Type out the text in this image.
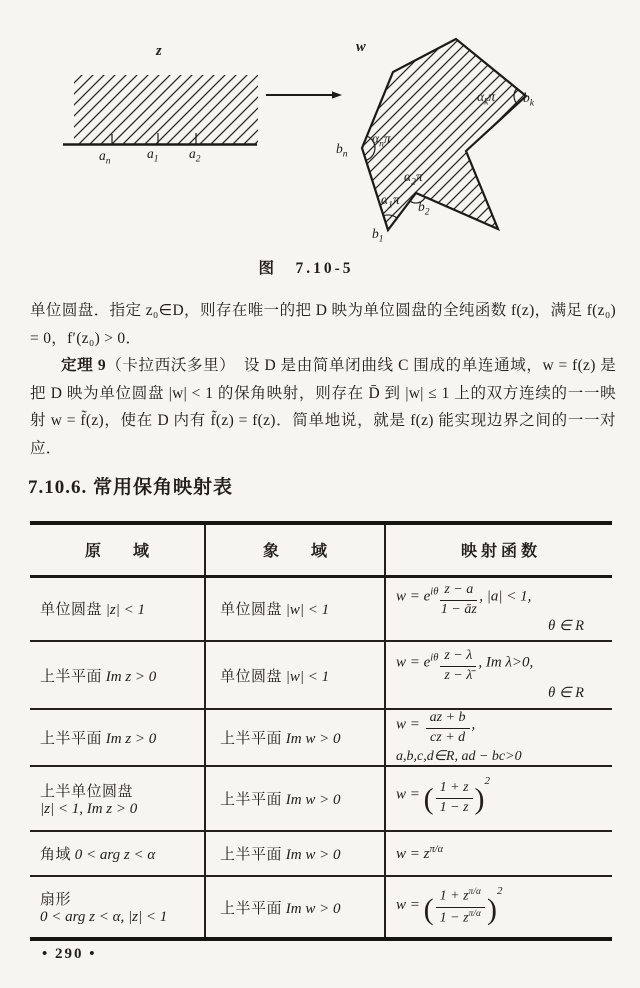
z
$a_n$
$a_1$ $a_2$
w
$b_n$
$\alpha_n\pi$
$\alpha_2\pi$
$b_2$
$\alpha_1\pi$
$b_1$
$\alpha_k\pi$ $b_k$
图　7.10-5

单位圆盘．指定 z₀∈D，则存在唯一的把 D 映为单位圆盘的全纯函数 f(z)，满足 f(z₀) = 0，f′(z₀) > 0．

定理 9（卡拉西沃多里）　设 D 是由简单闭曲线 C 围成的单连通域，w = f(z) 是把 D 映为单位圆盘 |w| < 1 的保角映射，则存在 D̄ 到 |w| ≤ 1 上的双方连续的一一映射 w = f̃(z)，使在 D 内有 f̃(z) = f(z)．简单地说，就是 f(z) 能实现边界之间的一一对应．

7.10.6. 常用保角映射表
原　　域	象　　域	映 射 函 数
单位圆盘 |z| < 1	单位圆盘 |w| < 1	$w = e^{i\theta} \frac{z - a}{1 - āz}$ , |a| < 1,
θ ∈ R

上半平面 Im z > 0	单位圆盘 |w| < 1	$w = e^{i\theta} \frac{z - \lambda}{z - \lambdā}$ , Im λ>0,
θ ∈ R

上半平面 Im z > 0	上半平面 Im w > 0	$w = \frac{az + b}{cz + d}$ ,
a,b,c,d∈R, ad − bc>0

上半单位圆盘
|z| < 1, Im z > 0
	上半平面 Im w > 0	w = ( $\frac{1 + z}{1 - z} )^2$

角域 0 < arg z < α	上半平面 Im w > 0	$w = z^{\pi/\alpha}$

扇形
0 < arg z < α, |z| < 1
	上半平面 Im w > 0	w = ( $\frac{1 + z^{\pi/\alpha}}{1 - z^{\pi/\alpha}} )^2$
• 290 •
